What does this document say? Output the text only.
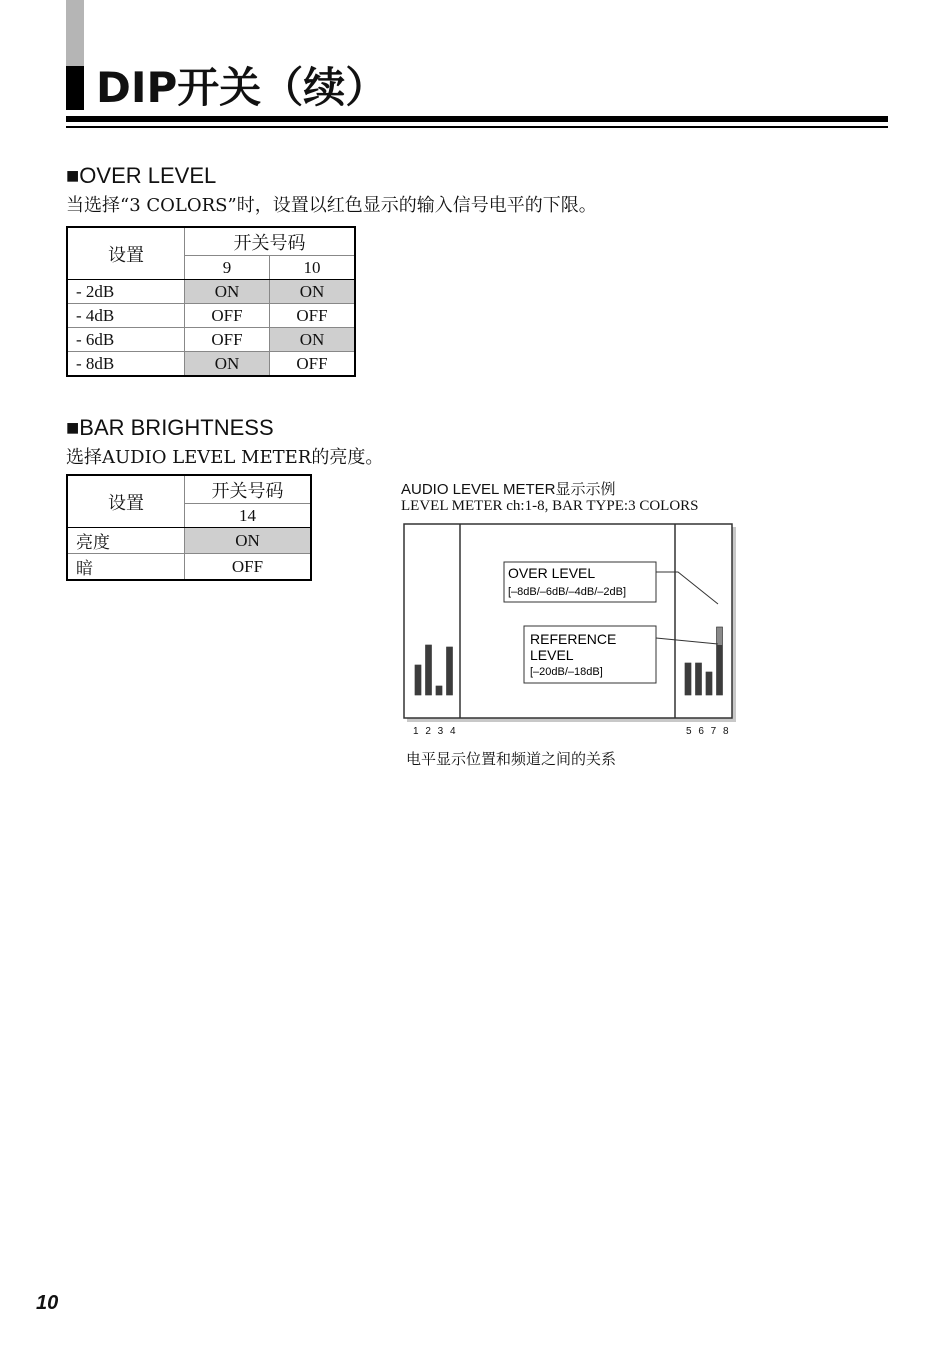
DIP开关（续）
■OVER LEVEL
当选择“3 COLORS”时，设置以红色显示的输入信号电平的下限。
设置	开关号码	
	9	10
- 2dB	ON	ON
- 4dB	OFF	OFF
- 6dB	OFF	ON
- 8dB	ON	OFF
■BAR BRIGHTNESS
选择AUDIO LEVEL METER的亮度。
设置	开关号码
	14
亮度	ON
暗	OFF
AUDIO LEVEL METER显示示例
LEVEL METER ch:1-8, BAR TYPE:3 COLORS
OVER LEVEL
[–8dB/–6dB/–4dB/–2dB]
REFERENCE
LEVEL
[–20dB/–18dB]
1 2 3 4	5 6 7 8
电平显示位置和频道之间的关系
10
